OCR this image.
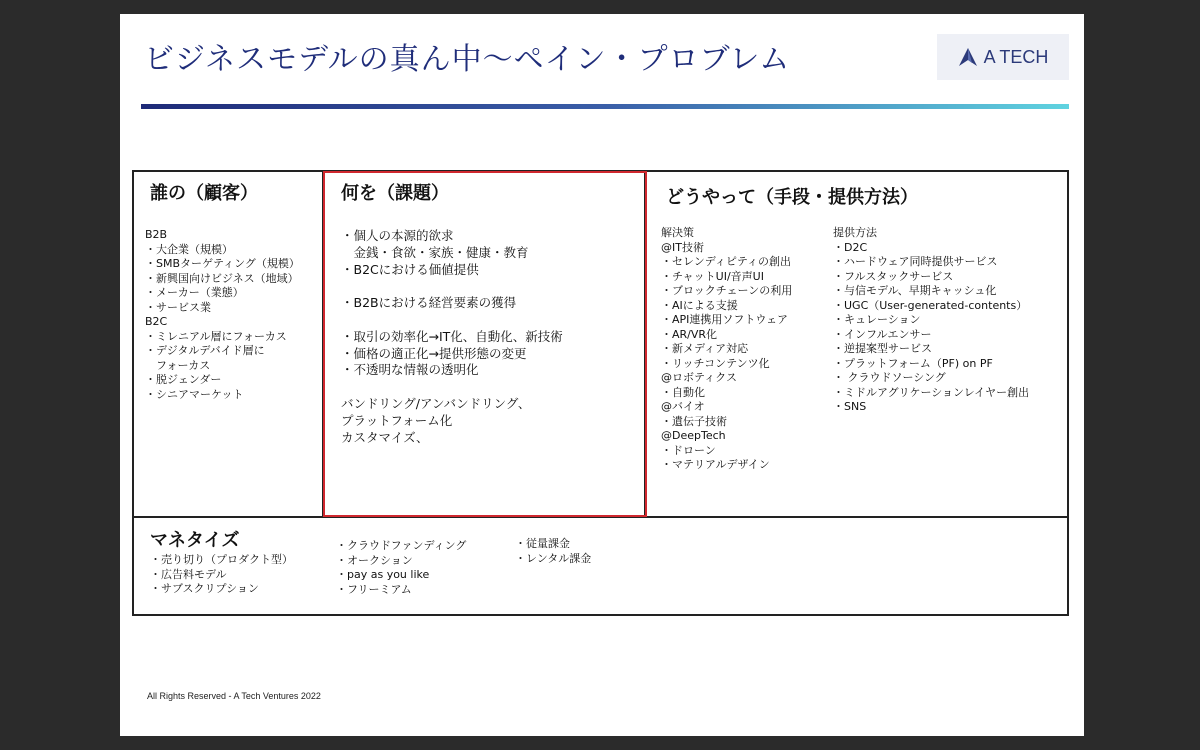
ビジネスモデルの真ん中〜ペイン・プロブレム	A TECH
誰の（顧客）
B2B
・大企業（規模）
・SMBターゲティング（規模）
・新興国向けビジネス（地域）
・メーカー（業態）
・サービス業
B2C
・ミレニアル層にフォーカス
・デジタルデバイド層に
　フォーカス
・脱ジェンダー
・シニアマーケット
何を（課題）
・個人の本源的欲求
　金銭・食欲・家族・健康・教育
・B2Cにおける価値提供

・B2Bにおける経営要素の獲得

・取引の効率化→IT化、自動化、新技術
・価格の適正化→提供形態の変更
・不透明な情報の透明化

バンドリング/アンバンドリング、
プラットフォーム化
カスタマイズ、
どうやって（手段・提供方法）
解決策
@IT技術
・セレンディピティの創出
・チャットUI/音声UI
・ブロックチェーンの利用
・AIによる支援
・API連携用ソフトウェア
・AR/VR化
・新メディア対応
・リッチコンテンツ化
@ロボティクス
・自動化
@バイオ
・遺伝子技術
@DeepTech
・ドローン
・マテリアルデザイン
提供方法
・D2C
・ハードウェア同時提供サービス
・フルスタックサービス
・与信モデル、早期キャッシュ化
・UGC（User-generated-contents）
・キュレーション
・インフルエンサー
・逆提案型サービス
・プラットフォーム（PF) on PF
・ クラウドソーシング
・ミドルアグリケーションレイヤー創出
・SNS
マネタイズ
・売り切り（プロダクト型）
・広告料モデル
・サブスクリプション
・クラウドファンディング
・オークション
・pay as you like
・フリーミアム
・従量課金
・レンタル課金
All Rights Reserved - A Tech Ventures 2022
